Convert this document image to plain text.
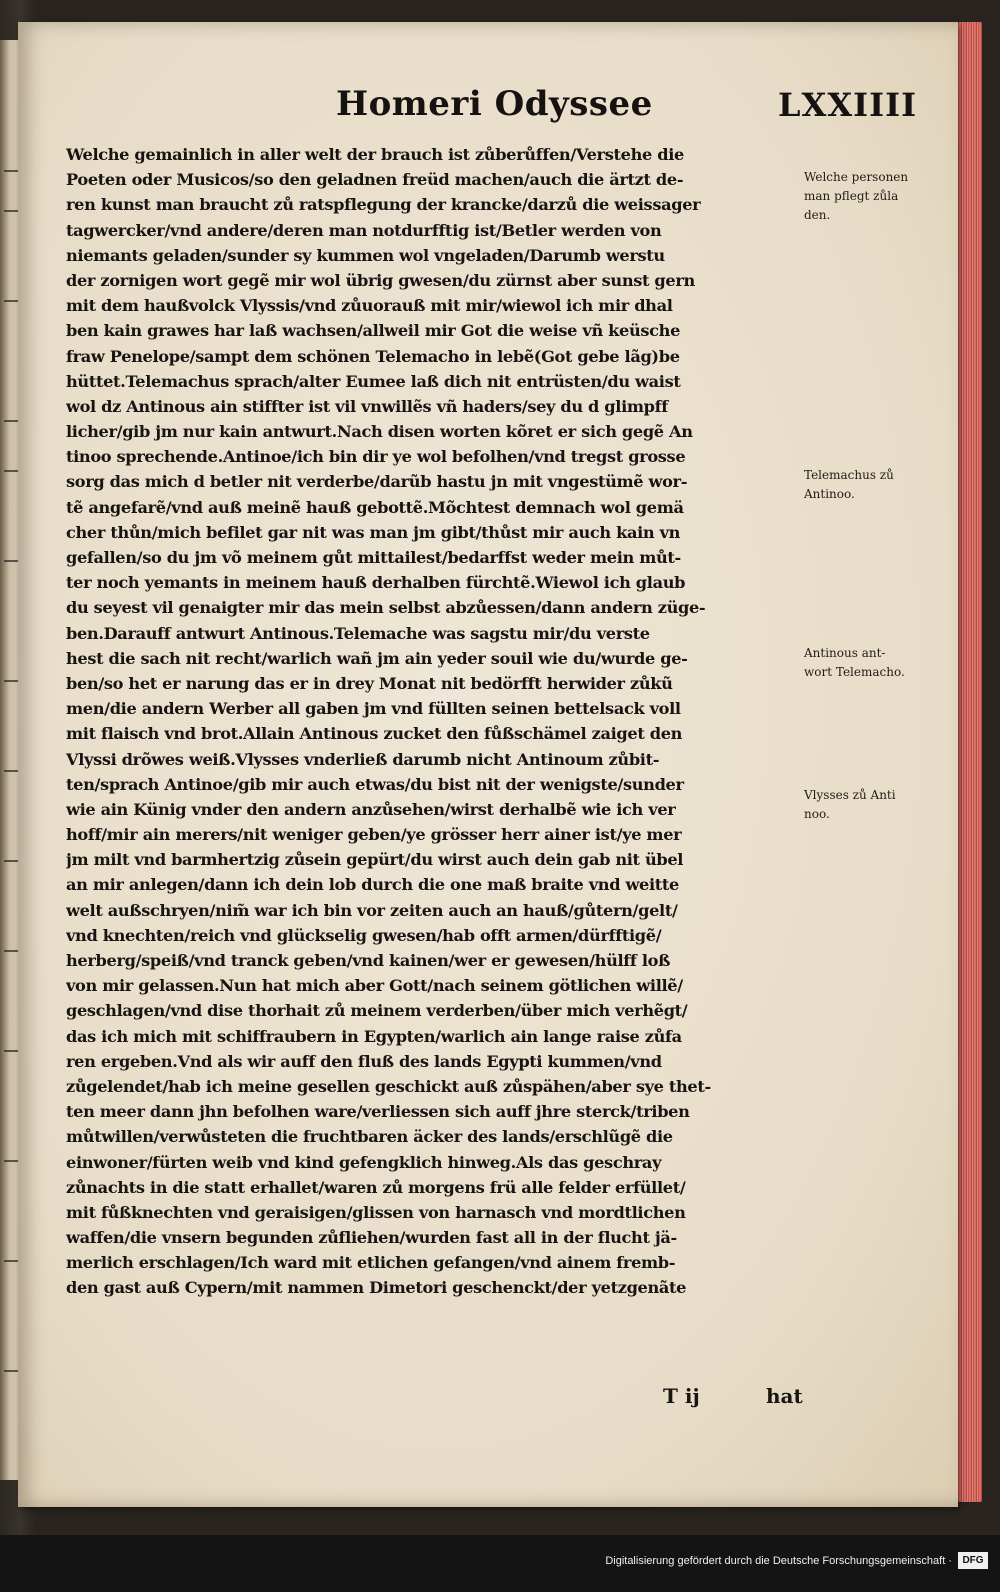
Homeri Odyssee	LXXIIII
Welche gemainlich in aller welt der brauch ist zůberůffen/Verstehe die
Poeten oder Musicos/so den geladnen freüd machen/auch die ärtzt de-
ren kunst man braucht zů ratspflegung der krancke/darzů die weissager
tagwercker/vnd andere/deren man notdurfftig ist/Betler werden von
niemants geladen/sunder sy kummen wol vngeladen/Darumb werstu
der zornigen wort gegẽ mir wol übrig gwesen/du zürnst aber sunst gern
mit dem haußvolck Vlyssis/vnd zůuorauß mit mir/wiewol ich mir dhal
ben kain grawes har laß wachsen/allweil mir Got die weise vñ keüsche
fraw Penelope/sampt dem schönen Telemacho in lebẽ(Got gebe lãg)be
hüttet.Telemachus sprach/alter Eumee laß dich nit entrüsten/du waist
wol dz Antinous ain stiffter ist vil vnwillẽs vñ haders/sey du d glimpff
licher/gib jm nur kain antwurt.Nach disen worten kõret er sich gegẽ An
tinoo sprechende.Antinoe/ich bin dir ye wol befolhen/vnd tregst grosse
sorg das mich d betler nit verderbe/darũb hastu jn mit vngestümẽ wor-
tẽ angefarẽ/vnd auß meinẽ hauß gebottẽ.Mõchtest demnach wol gemä
cher thůn/mich befilet gar nit was man jm gibt/thůst mir auch kain vn
gefallen/so du jm võ meinem gůt mittailest/bedarffst weder mein můt-
ter noch yemants in meinem hauß derhalben fürchtẽ.Wiewol ich glaub
du seyest vil genaigter mir das mein selbst abzůessen/dann andern züge-
ben.Darauff antwurt Antinous.Telemache was sagstu mir/du verste
hest die sach nit recht/warlich wañ jm ain yeder souil wie du/wurde ge-
ben/so het er narung das er in drey Monat nit bedörfft herwider zůkũ
men/die andern Werber all gaben jm vnd füllten seinen bettelsack voll
mit flaisch vnd brot.Allain Antinous zucket den fůßschämel zaiget den
Vlyssi drõwes weiß.Vlysses vnderließ darumb nicht Antinoum zůbit-
ten/sprach Antinoe/gib mir auch etwas/du bist nit der wenigste/sunder
wie ain Künig vnder den andern anzůsehen/wirst derhalbẽ wie ich ver
hoff/mir ain merers/nit weniger geben/ye grösser herr ainer ist/ye mer
jm milt vnd barmhertzig zůsein gepürt/du wirst auch dein gab nit übel
an mir anlegen/dann ich dein lob durch die one maß braite vnd weitte
welt außschryen/nim̃ war ich bin vor zeiten auch an hauß/gůtern/gelt/
vnd knechten/reich vnd glückselig gwesen/hab offt armen/dürfftigẽ/
herberg/speiß/vnd tranck geben/vnd kainen/wer er gewesen/hülff loß
von mir gelassen.Nun hat mich aber Gott/nach seinem götlichen willẽ/
geschlagen/vnd dise thorhait zů meinem verderben/über mich verhẽgt/
das ich mich mit schiffraubern in Egypten/warlich ain lange raise zůfa
ren ergeben.Vnd als wir auff den fluß des lands Egypti kummen/vnd
zůgelendet/hab ich meine gesellen geschickt auß zůspähen/aber sye thet-
ten meer dann jhn befolhen ware/verliessen sich auff jhre sterck/triben
můtwillen/verwůsteten die fruchtbaren äcker des lands/erschlũgẽ die
einwoner/fürten weib vnd kind gefengklich hinweg.Als das geschray
zůnachts in die statt erhallet/waren zů morgens frü alle felder erfüllet/
mit fůßknechten vnd geraisigen/glissen von harnasch vnd mordtlichen
waffen/die vnsern begunden zůfliehen/wurden fast all in der flucht jä-
merlich erschlagen/Ich ward mit etlichen gefangen/vnd ainem fremb-
den gast auß Cypern/mit nammen Dimetori geschenckt/der yetzgenãte
Welche personen
man pflegt zůla
den.
Telemachus zů
Antinoo.
Antinous ant-
wort Telemacho.
Vlysses zů Anti
noo.
T ij	hat

Digitalisierung gefördert durch die Deutsche Forschungsgemeinschaft ·	DFG
